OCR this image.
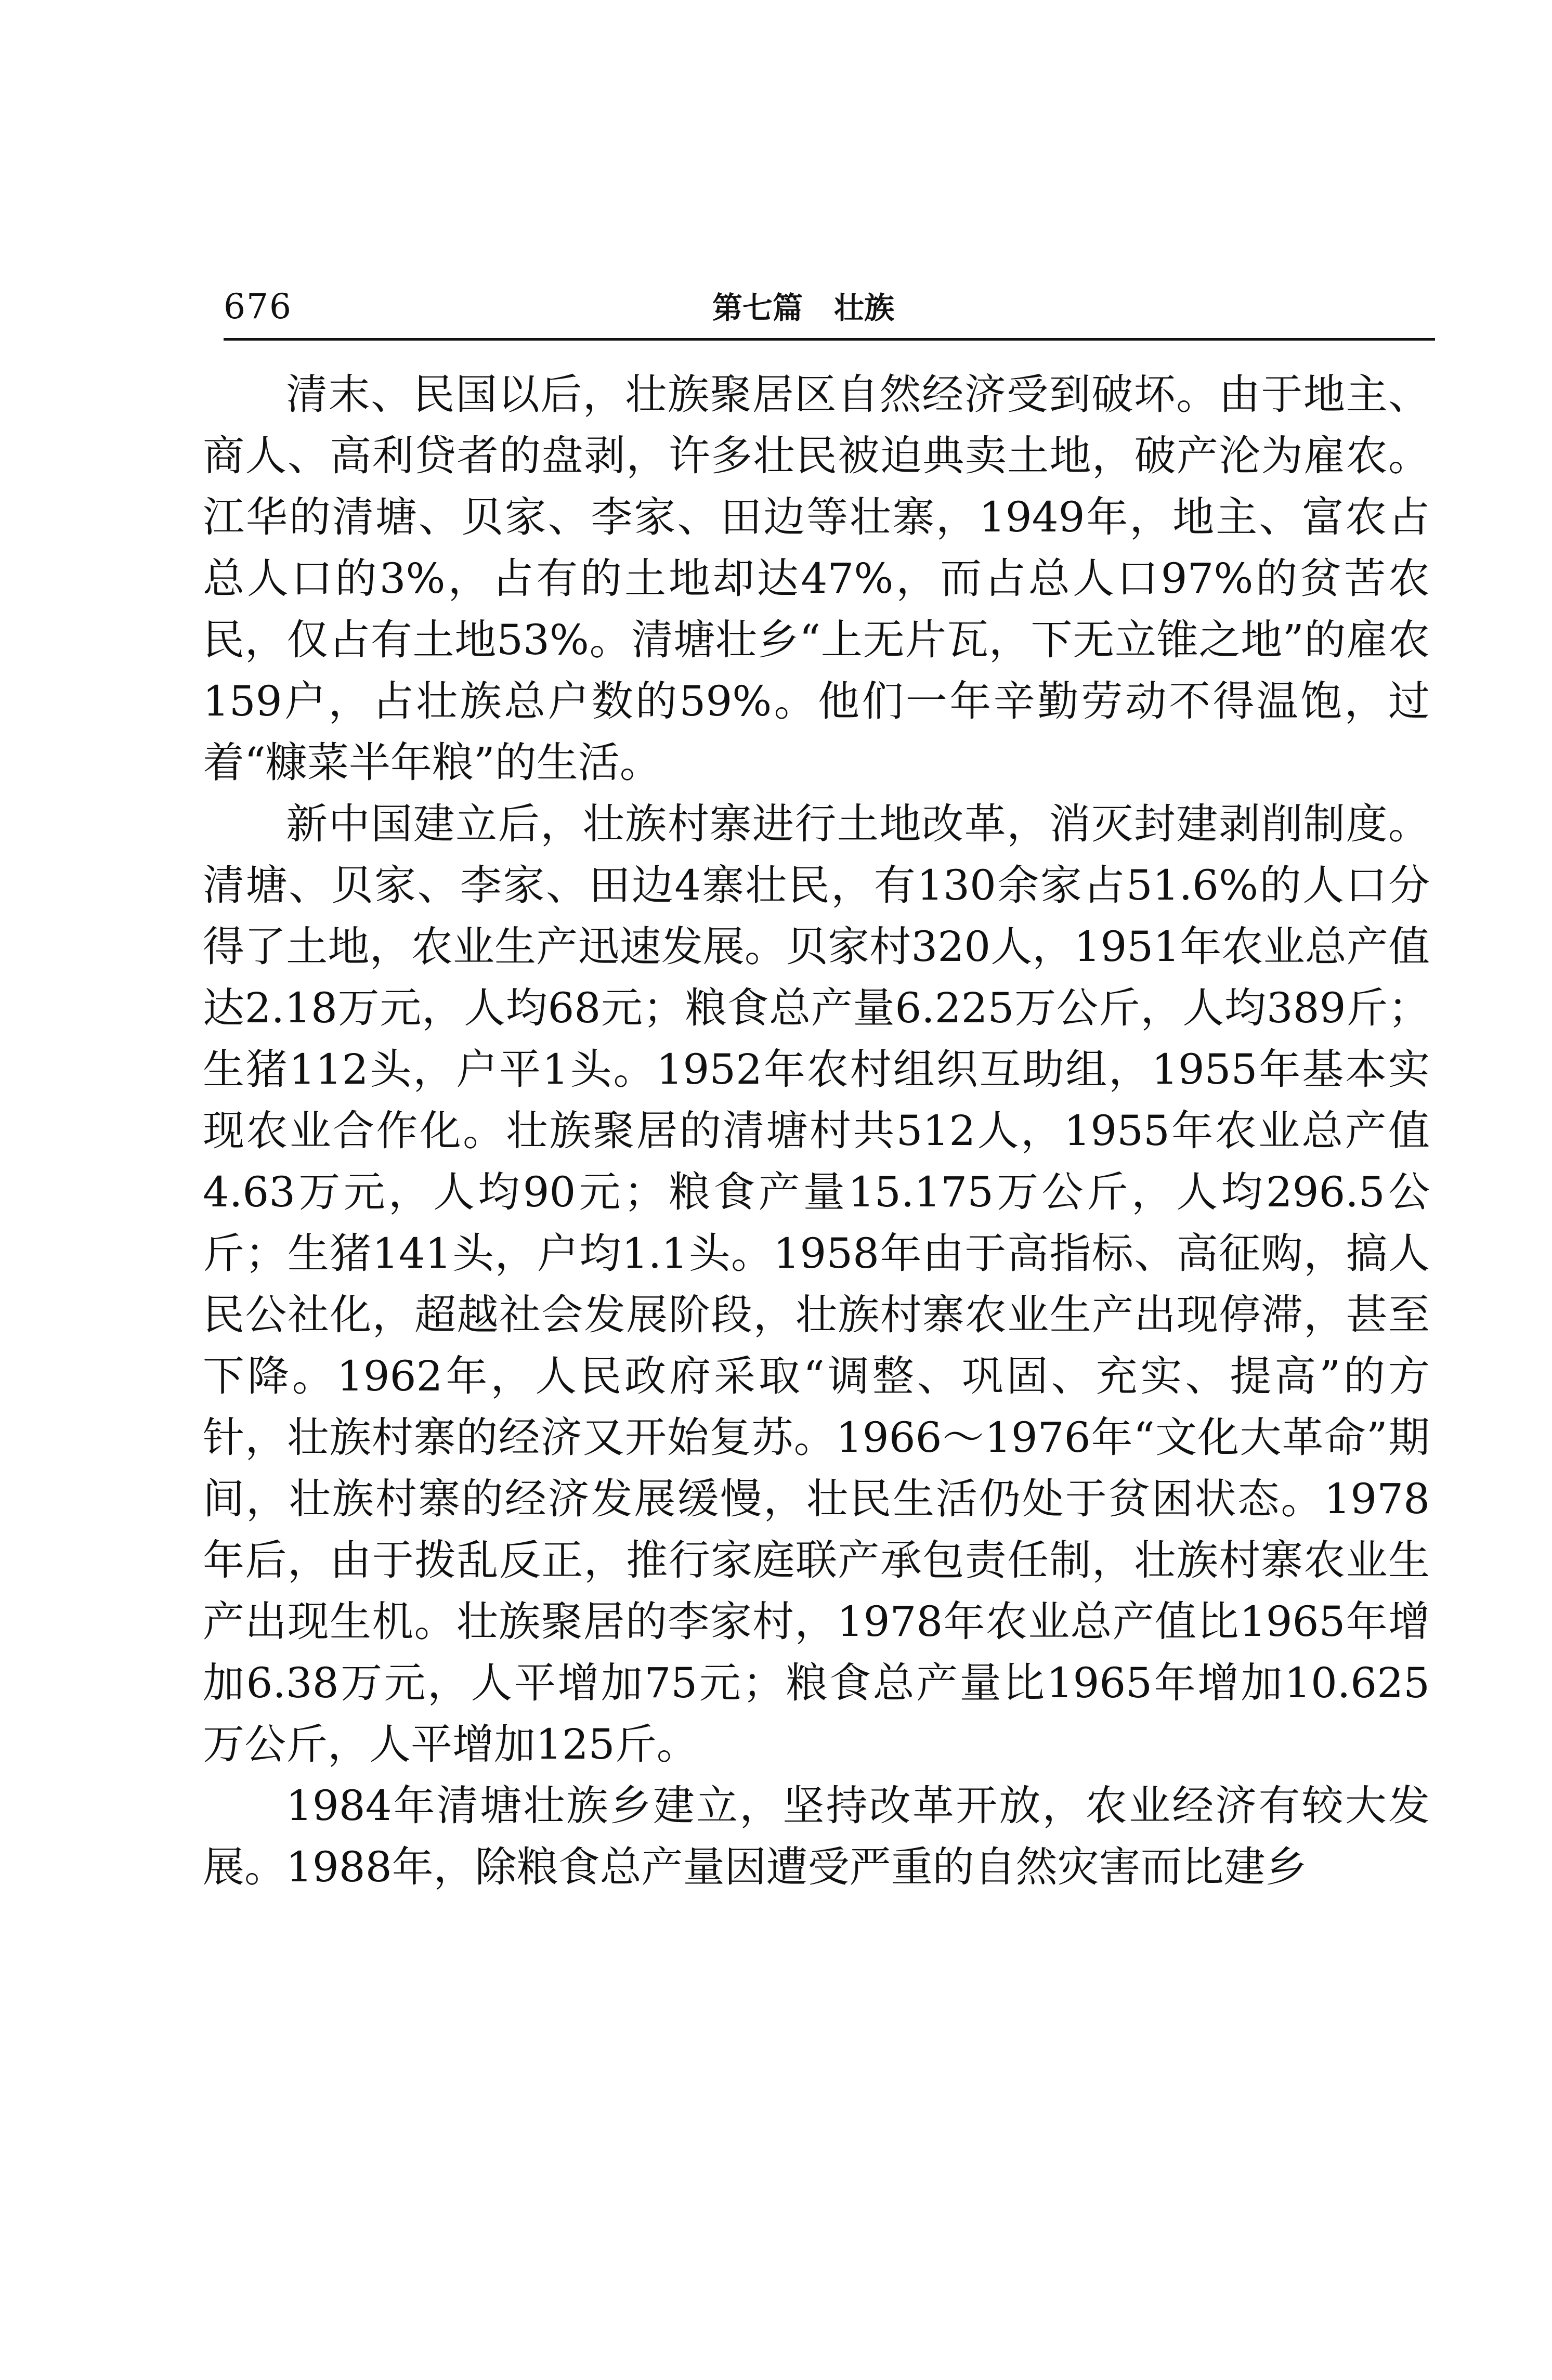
676	第七篇 壮族

清末、民国以后，壮族聚居区自然经济受到破坏。由于地主、商人、高利贷者的盘剥，许多壮民被迫典卖土地，破产沦为雇农。江华的清塘、贝家、李家、田边等壮寨，1949年，地主、富农占总人口的3%，占有的土地却达47%，而占总人口97%的贫苦农民，仅占有土地53%。清塘壮乡“上无片瓦，下无立锥之地”的雇农159户，占壮族总户数的59%。他们一年辛勤劳动不得温饱，过着“糠菜半年粮”的生活。

新中国建立后，壮族村寨进行土地改革，消灭封建剥削制度。清塘、贝家、李家、田边4寨壮民，有130余家占51.6%的人口分得了土地，农业生产迅速发展。贝家村320人，1951年农业总产值达2.18万元，人均68元；粮食总产量6.225万公斤，人均389斤；生猪112头，户平1头。1952年农村组织互助组，1955年基本实现农业合作化。壮族聚居的清塘村共512人，1955年农业总产值4.63万元，人均90元；粮食产量15.175万公斤，人均296.5公斤；生猪141头，户均1.1头。1958年由于高指标、高征购，搞人民公社化，超越社会发展阶段，壮族村寨农业生产出现停滞，甚至下降。1962年，人民政府采取“调整、巩固、充实、提高”的方针，壮族村寨的经济又开始复苏。1966～1976年“文化大革命”期间，壮族村寨的经济发展缓慢，壮民生活仍处于贫困状态。1978年后，由于拨乱反正，推行家庭联产承包责任制，壮族村寨农业生产出现生机。壮族聚居的李家村，1978年农业总产值比1965年增加6.38万元，人平增加75元；粮食总产量比1965年增加10.625万公斤，人平增加125斤。

1984年清塘壮族乡建立，坚持改革开放，农业经济有较大发展。1988年，除粮食总产量因遭受严重的自然灾害而比建乡
